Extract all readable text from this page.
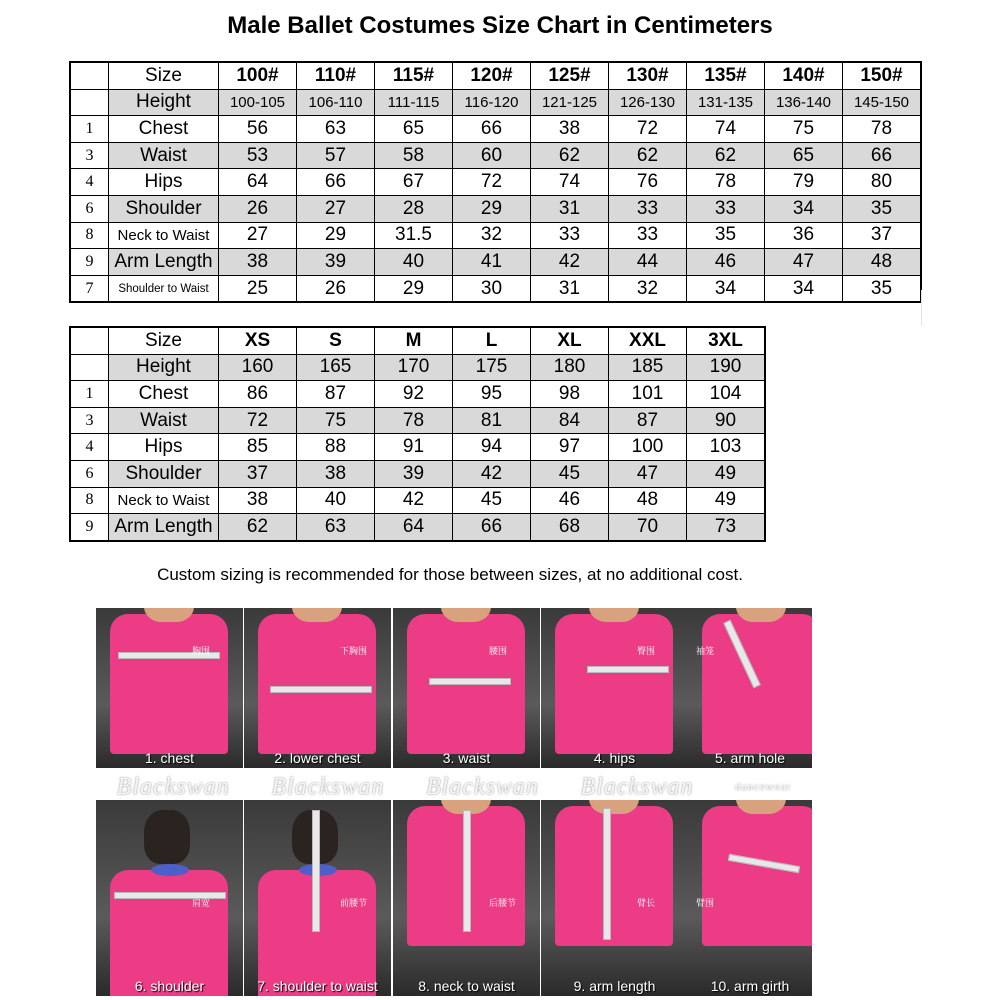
Male Ballet Costumes Size Chart in Centimeters
	Size	100#	110#	115#	120#	125#	130#	135#	140#	150#
	Height	100-105	106-110	111-115	116-120	121-125	126-130	131-135	136-140	145-150
1	Chest	56	63	65	66	38	72	74	75	78
3	Waist	53	57	58	60	62	62	62	65	66
4	Hips	64	66	67	72	74	76	78	79	80
6	Shoulder	26	27	28	29	31	33	33	34	35
8	Neck to Waist	27	29	31.5	32	33	33	35	36	37
9	Arm Length	38	39	40	41	42	44	46	47	48
7	Shoulder to Waist	25	26	29	30	31	32	34	34	35
	Size	XS	S	M	L	XL	XXL	3XL
	Height	160	165	170	175	180	185	190
1	Chest	86	87	92	95	98	101	104
3	Waist	72	75	78	81	84	87	90
4	Hips	85	88	91	94	97	100	103
6	Shoulder	37	38	39	42	45	47	49
8	Neck to Waist	38	40	42	45	46	48	49
9	Arm Length	62	63	64	66	68	70	73
Custom sizing is recommended for those between sizes, at no additional cost.
胸围
1. chest
下胸围
2. lower chest
腰围
3. waist
臀围
4. hips
袖笼
5. arm hole
肩宽
6. shoulder
前腰节
7. shoulder to waist
后腰节
8. neck to waist
臂长
9. arm length
臂围
10. arm girth
Blackswan Blackswan Blackswan Blackswan	dancewear
